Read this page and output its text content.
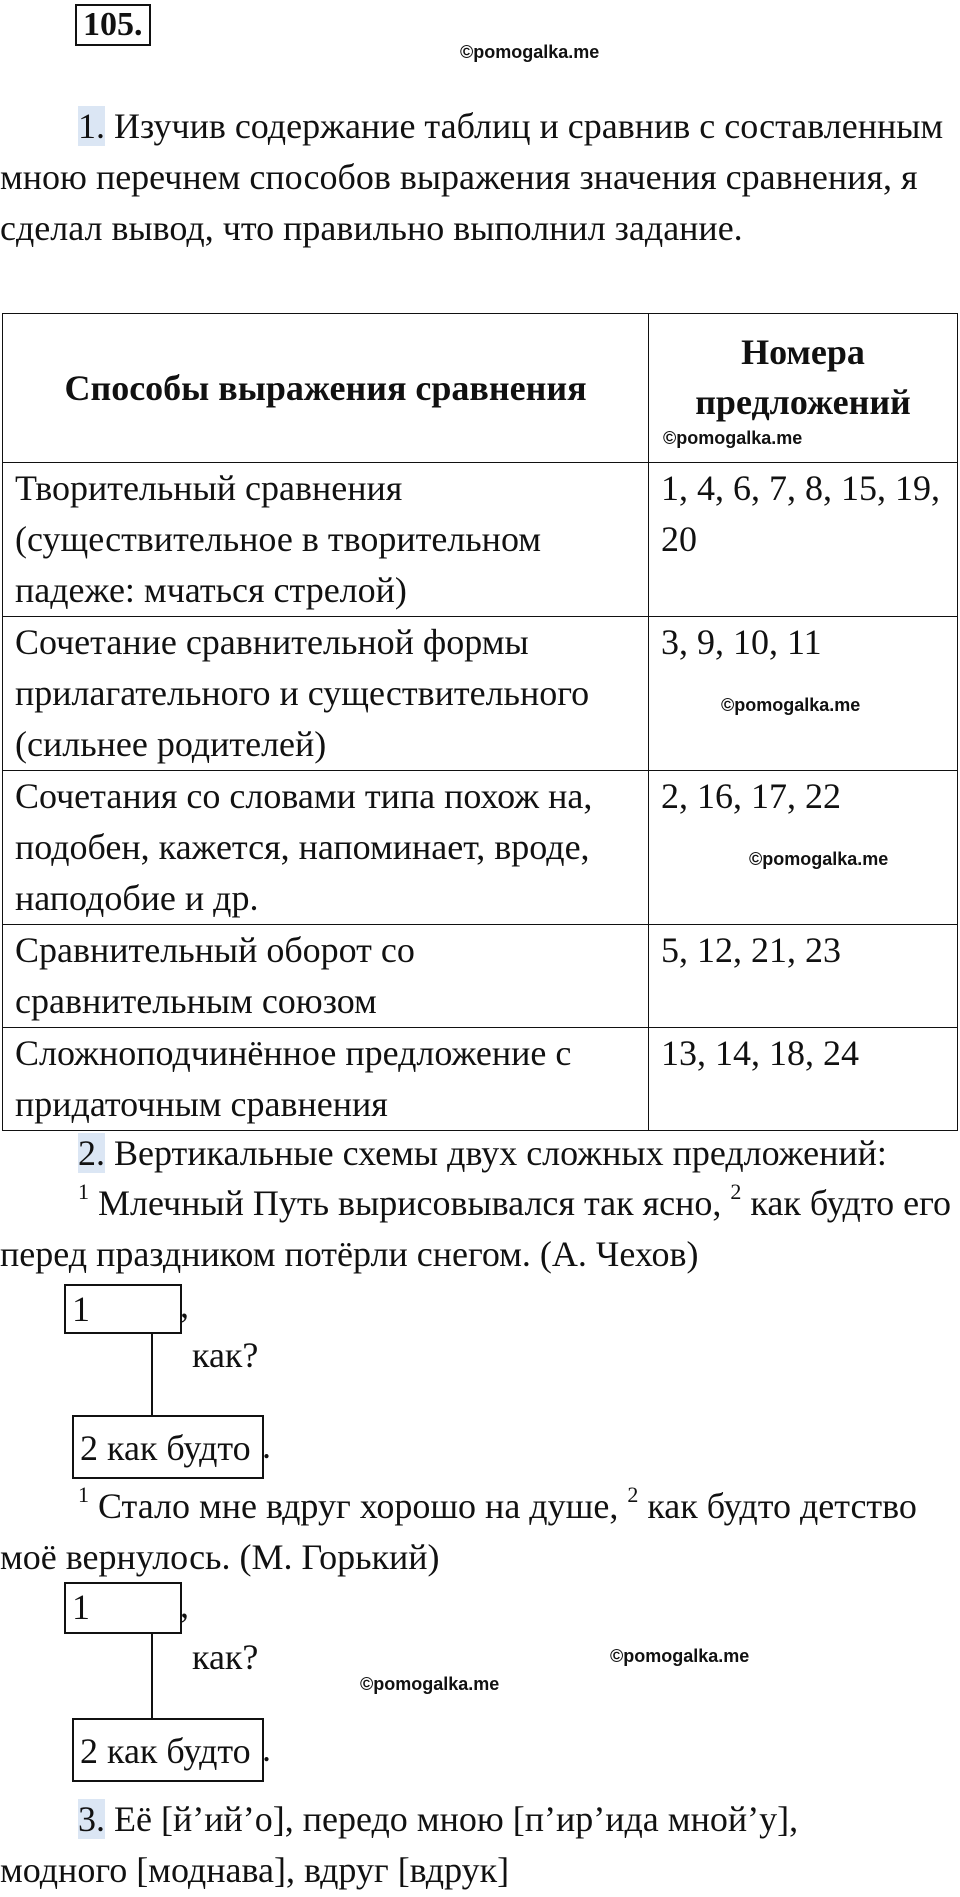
105.
©pomogalka.me

1. Изучив содержание таблиц и сравнив с составленным мною перечнем способов выражения значения сравнения, я сделал вывод, что правильно выполнил задание.

Способы выражения сравнения	Номера предложений
©pomogalka.me

Творительный сравнения (существительное в творительном падеже: мчаться стрелой)	1, 4, 6, 7, 8, 15, 19, 20
Сочетание сравнительной формы прилагательного и существительного (сильнее родителей)	3, 9, 10, 11
©pomogalka.me

Сочетания со словами типа похож на, подобен, кажется, напоминает, вроде, наподобие и др.	2, 16, 17, 22
©pomogalka.me

Сравнительный оборот со сравнительным союзом	5, 12, 21, 23
Сложноподчинённое предложение с придаточным сравнения	13, 14, 18, 24

2. Вертикальные схемы двух сложных предложений:

$^1$ Млечный Путь вырисовывался так ясно, $^2$ как будто его перед праздником потёрли снегом. (А. Чехов)

1	,
как?
2 как будто .

$^1$ Стало мне вдруг хорошо на душе, $^2$ как будто детство моё вернулось. (М. Горький)

1	,
как?
2 как будто .
©pomogalka.me
©pomogalka.me

3. Её [й’ий’о], передо мною [п’ир’ида мной’у],

модного [моднава], вдруг [вдрук]
